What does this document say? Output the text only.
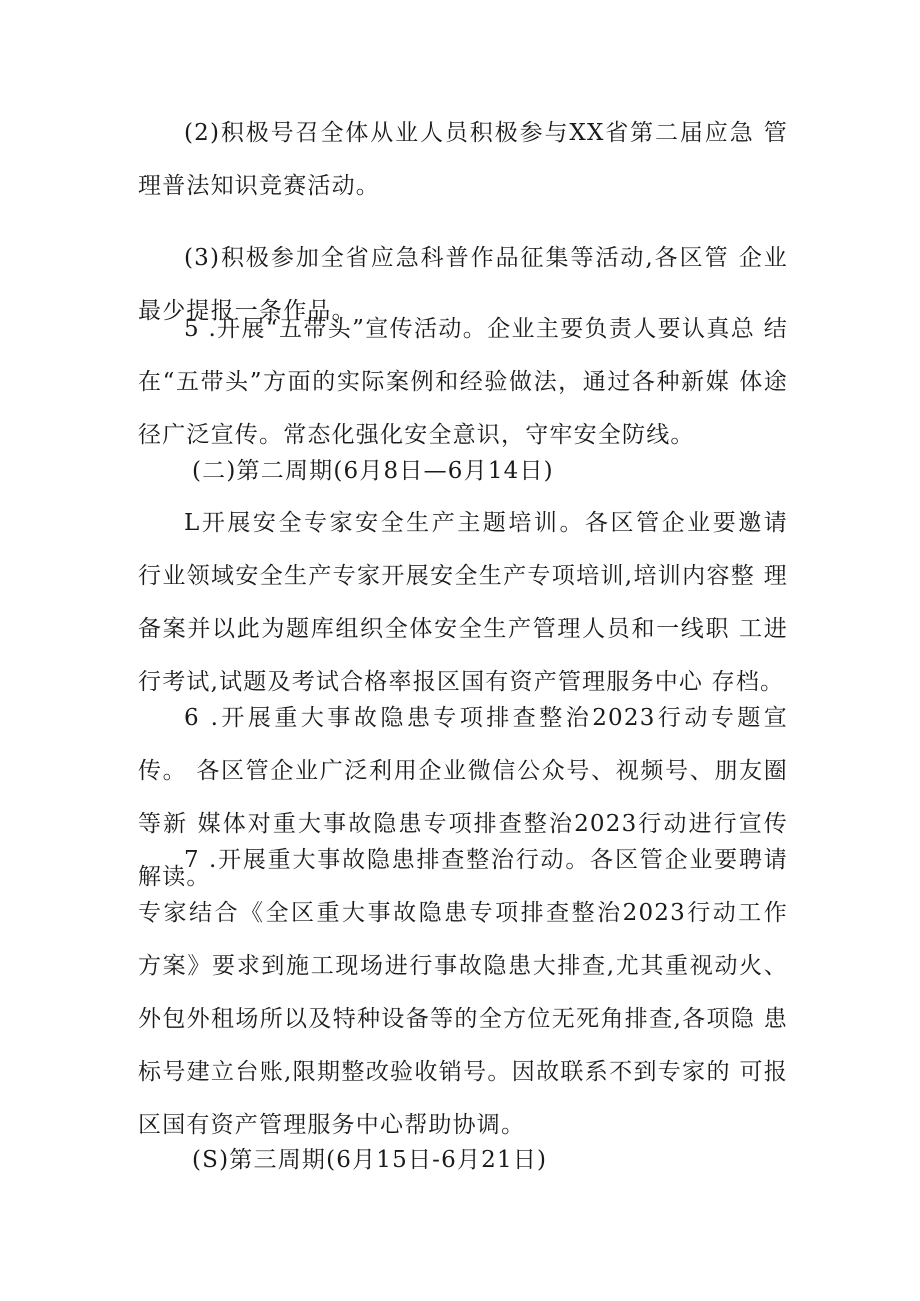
(2)积极号召全体从业人员积极参与XX省第二届应急 管理普法知识竞赛活动。

(3)积极参加全省应急科普作品征集等活动,各区管 企业最少提报一条作品。

5 .开展“五带头”宣传活动。企业主要负责人要认真总 结在“五带头”方面的实际案例和经验做法，通过各种新媒 体途径广泛宣传。常态化强化安全意识，守牢安全防线。

(二)第二周期(6月8日—6月14日)

L开展安全专家安全生产主题培训。各区管企业要邀请 行业领域安全生产专家开展安全生产专项培训,培训内容整 理备案并以此为题库组织全体安全生产管理人员和一线职 工进行考试,试题及考试合格率报区国有资产管理服务中心 存档。

6 .开展重大事故隐患专项排查整治2023行动专题宣传。 各区管企业广泛利用企业微信公众号、视频号、朋友圈等新 媒体对重大事故隐患专项排查整治2023行动进行宣传解读。

7 .开展重大事故隐患排查整治行动。各区管企业要聘请 专家结合《全区重大事故隐患专项排查整治2023行动工作 方案》要求到施工现场进行事故隐患大排查,尤其重视动火、 外包外租场所以及特种设备等的全方位无死角排查,各项隐 患标号建立台账,限期整改验收销号。因故联系不到专家的 可报区国有资产管理服务中心帮助协调。

(S)第三周期(6月15日-6月21日)
